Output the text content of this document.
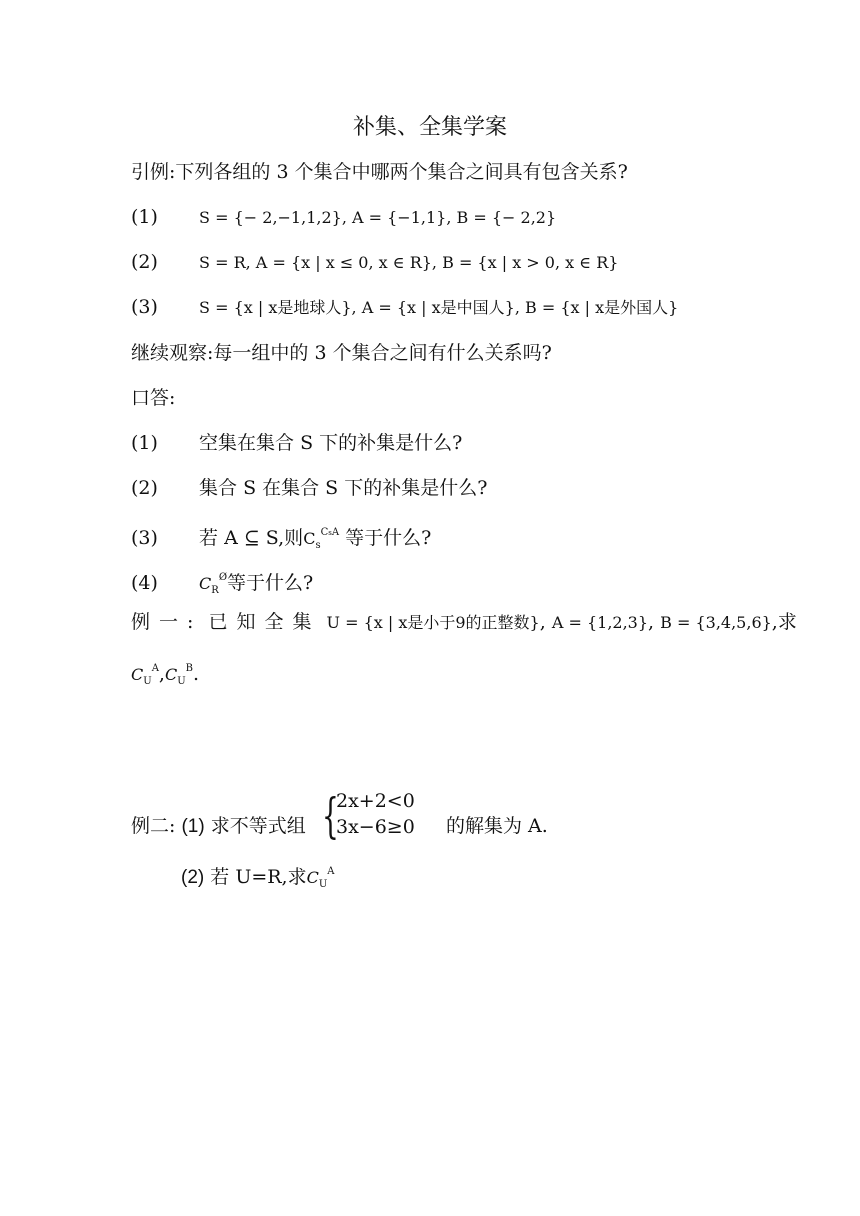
补集、全集学案
引例:下列各组的 3 个集合中哪两个集合之间具有包含关系?
(1)	S = {− 2,−1,1,2}, A = {−1,1}, B = {− 2,2}
(2)	S = R, A = {x | x ≤ 0, x ∈ R}, B = {x | x > 0, x ∈ R}
(3)	S = {x | x是地球人}, A = {x | x是中国人}, B = {x | x是外国人}
继续观察:每一组中的 3 个集合之间有什么关系吗?
口答:
(1) 空集在集合 S 下的补集是什么?
(2) 集合 S 在集合 S 下的补集是什么?
(3) 若 A ⊆ S,则$C_s^{CsA}$ 等于什么?
(4)	$C_R^Ø$等于什么?
例一: 已知全集 U = {x | x是小于9的正整数}, A = {1,2,3}, B = {3,4,5,6},求
$C_U^A,C_U^B$.
例二: (1) 求不等式组 {
2x+2<0
3x−6≥0 的解集为 A.
(2) 若 U=R,求$C_U^A$
